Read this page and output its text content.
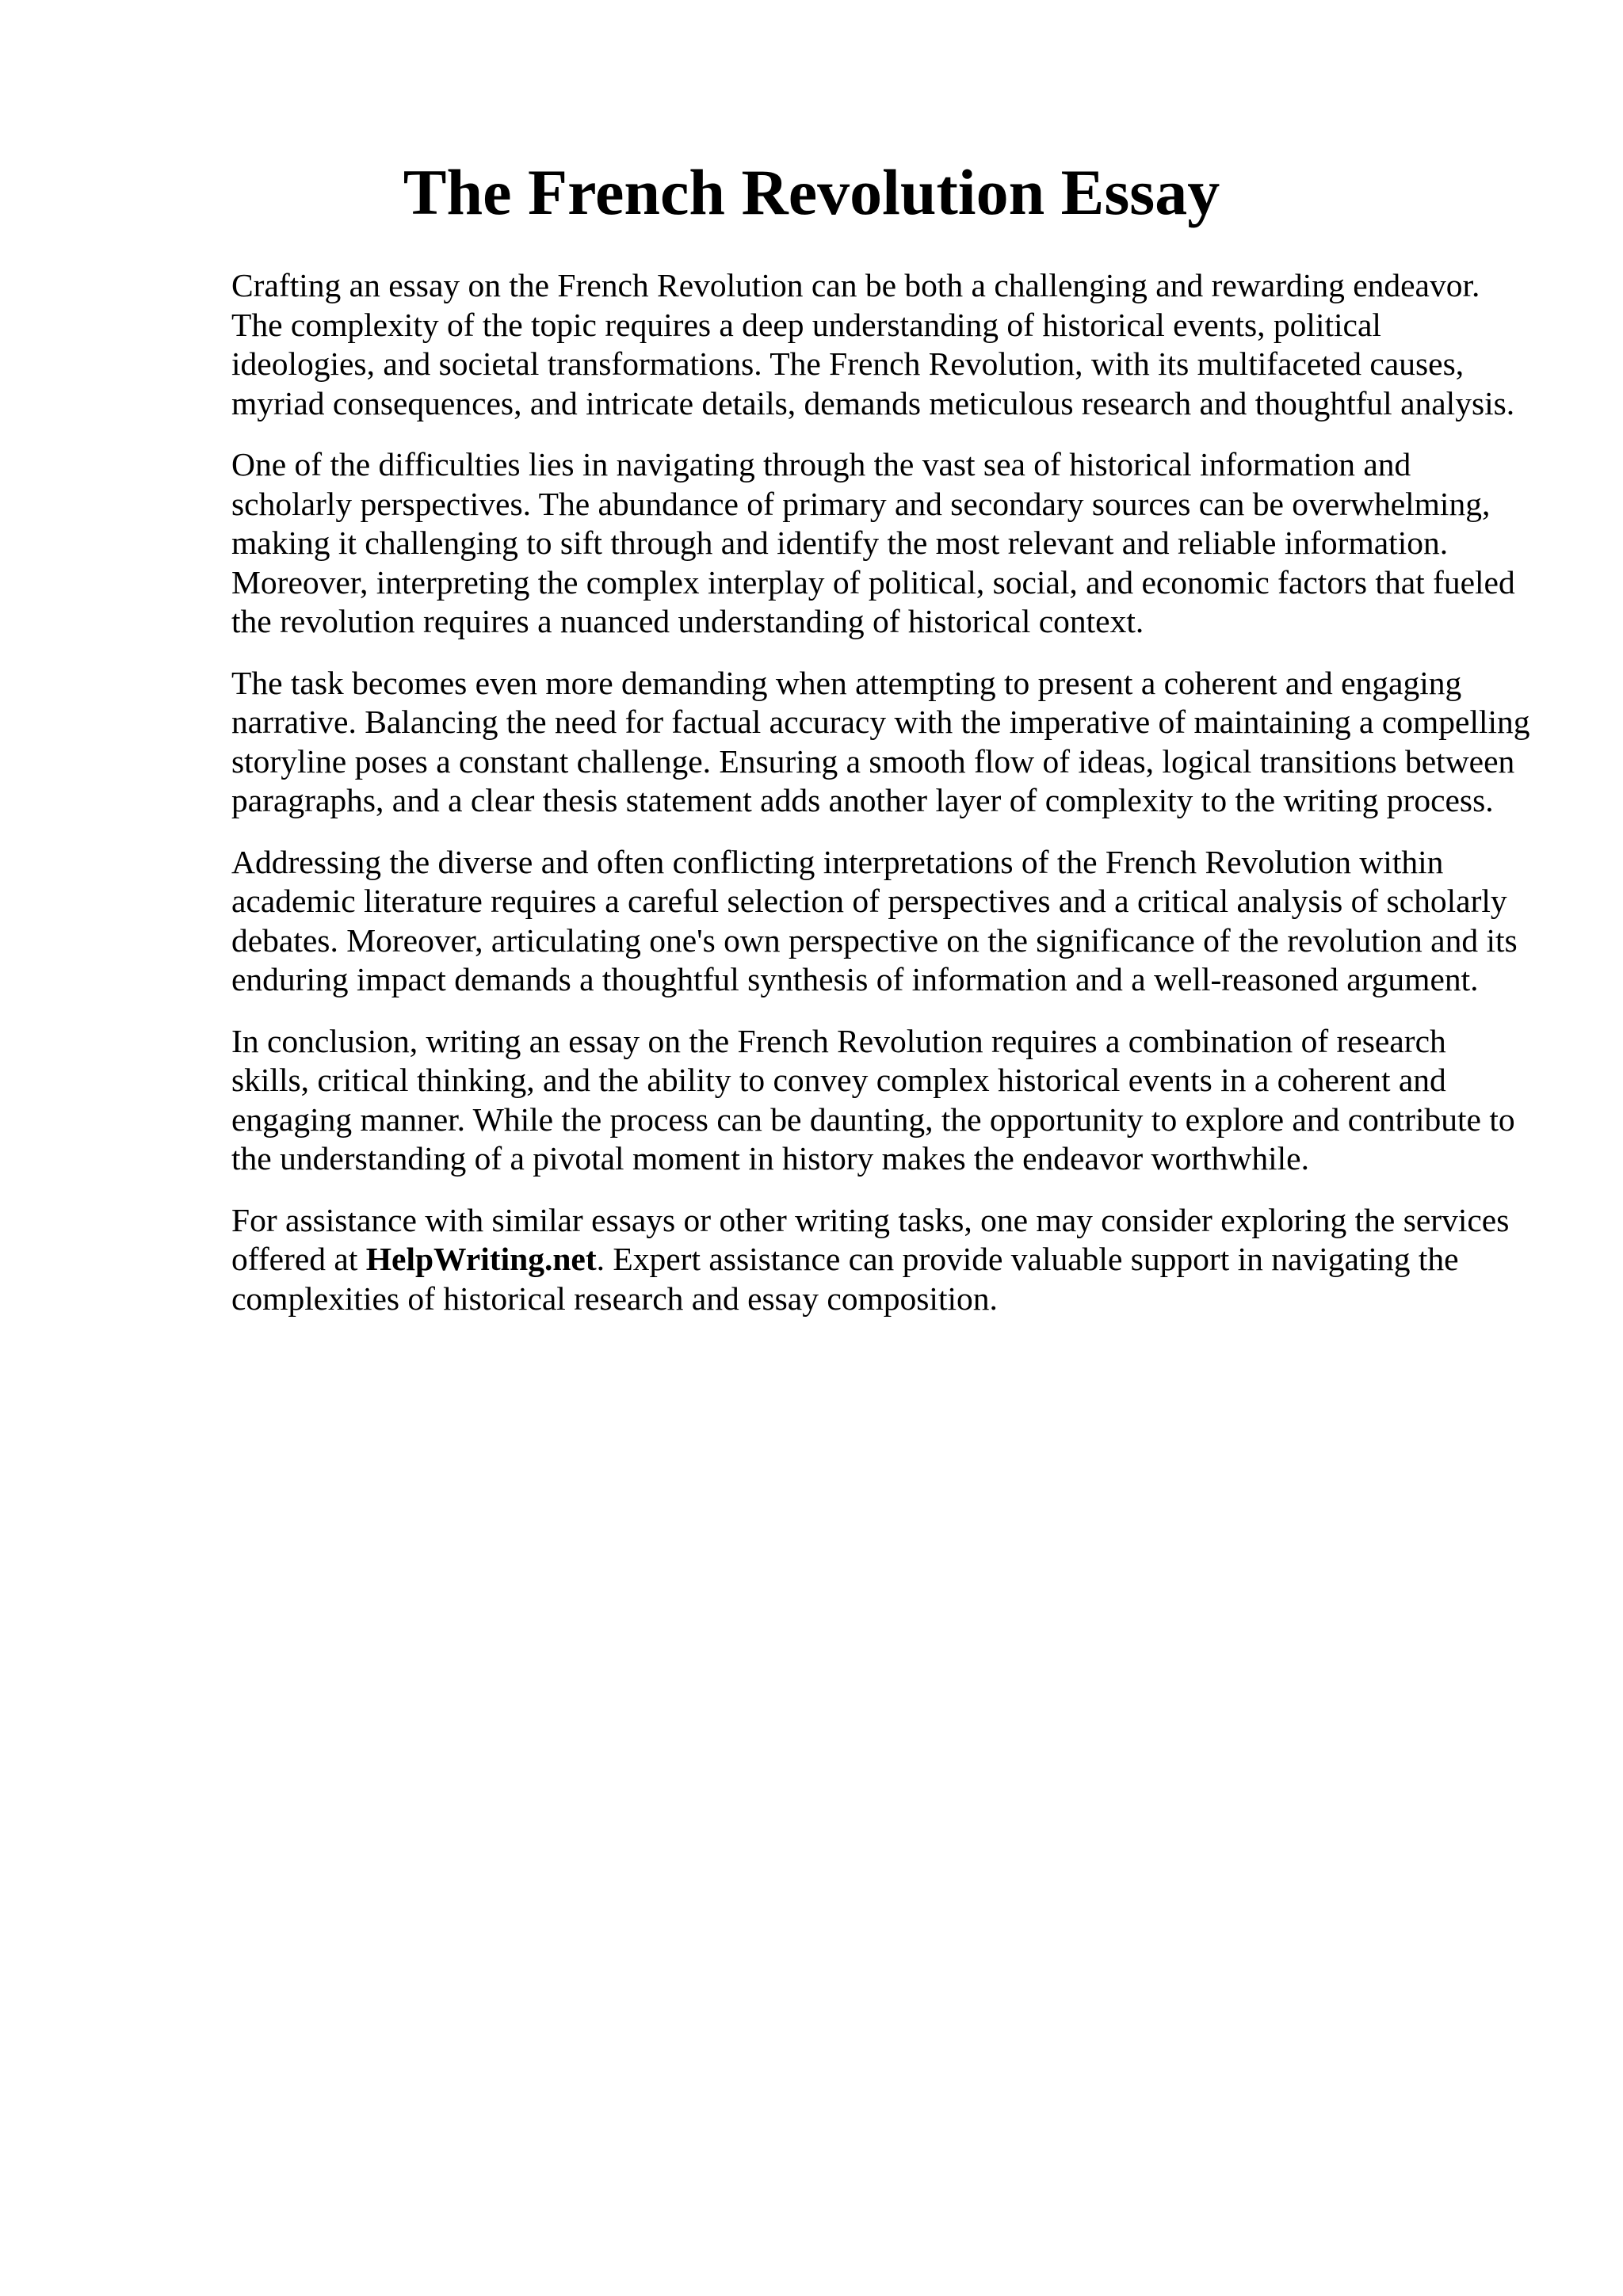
The French Revolution Essay

Crafting an essay on the French Revolution can be both a challenging and rewarding endeavor. The complexity of the topic requires a deep understanding of historical events, political ideologies, and societal transformations. The French Revolution, with its multifaceted causes, myriad consequences, and intricate details, demands meticulous research and thoughtful analysis.

One of the difficulties lies in navigating through the vast sea of historical information and scholarly perspectives. The abundance of primary and secondary sources can be overwhelming, making it challenging to sift through and identify the most relevant and reliable information. Moreover, interpreting the complex interplay of political, social, and economic factors that fueled the revolution requires a nuanced understanding of historical context.

The task becomes even more demanding when attempting to present a coherent and engaging narrative. Balancing the need for factual accuracy with the imperative of maintaining a compelling storyline poses a constant challenge. Ensuring a smooth flow of ideas, logical transitions between paragraphs, and a clear thesis statement adds another layer of complexity to the writing process.

Addressing the diverse and often conflicting interpretations of the French Revolution within academic literature requires a careful selection of perspectives and a critical analysis of scholarly debates. Moreover, articulating one's own perspective on the significance of the revolution and its enduring impact demands a thoughtful synthesis of information and a well-reasoned argument.

In conclusion, writing an essay on the French Revolution requires a combination of research skills, critical thinking, and the ability to convey complex historical events in a coherent and engaging manner. While the process can be daunting, the opportunity to explore and contribute to the understanding of a pivotal moment in history makes the endeavor worthwhile.

For assistance with similar essays or other writing tasks, one may consider exploring the services offered at HelpWriting.net. Expert assistance can provide valuable support in navigating the complexities of historical research and essay composition.
